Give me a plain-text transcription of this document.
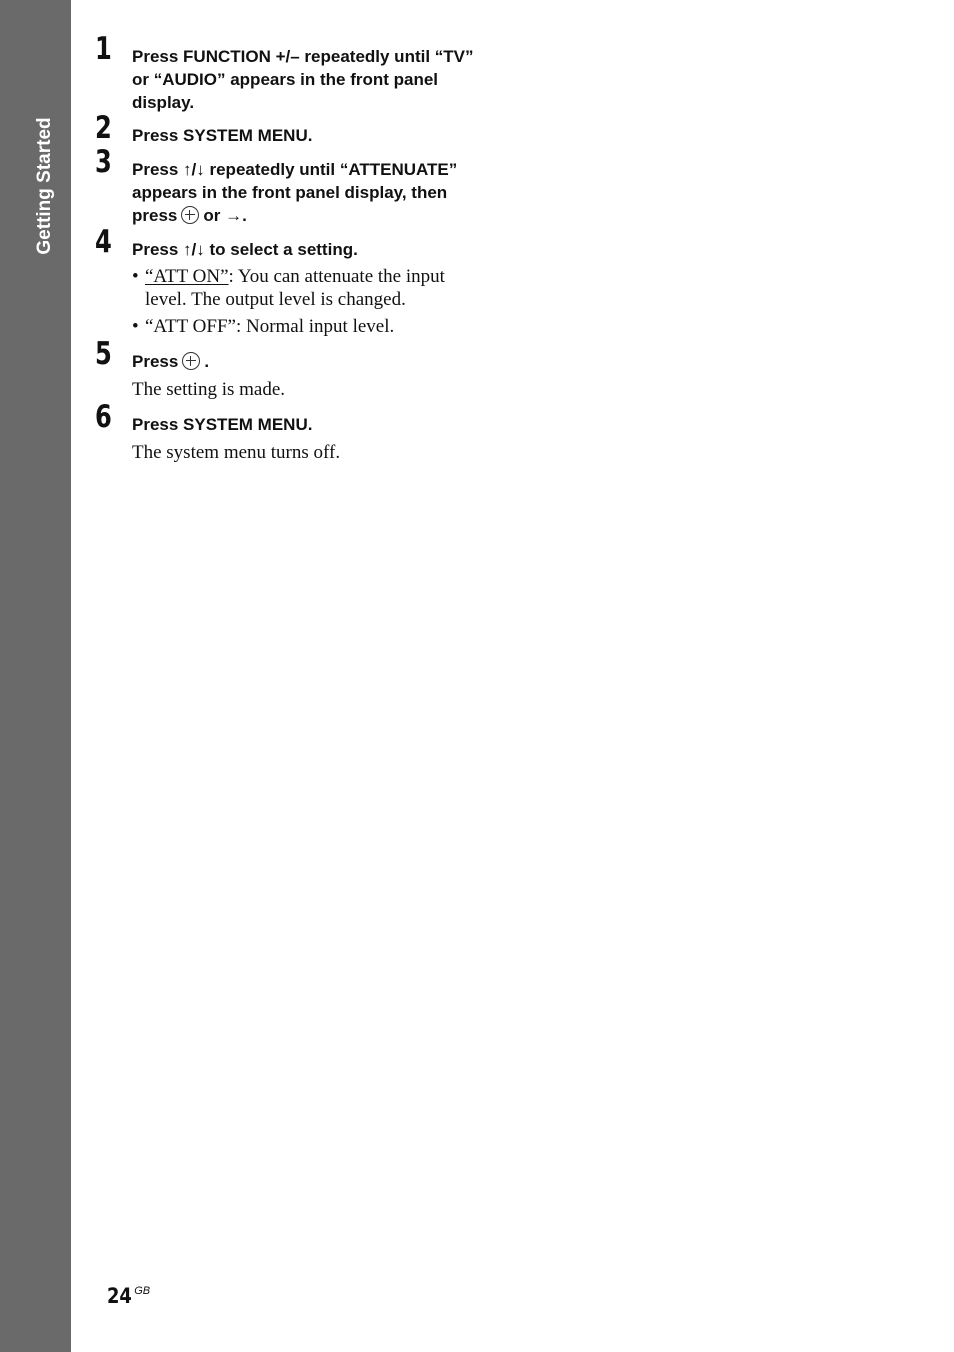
Getting Started
1 Press FUNCTION +/– repeatedly until “TV” or “AUDIO” appears in the front panel display.
2 Press SYSTEM MENU.
3 Press ↑/↓ repeatedly until “ATTENUATE” appears in the front panel display, then press or →.
4 Press ↑/↓ to select a setting.
• “ATT ON”: You can attenuate the input level. The output level is changed.
• “ATT OFF”: Normal input level.
5 Press .
The setting is made.
6 Press SYSTEM MENU.
The system menu turns off.
24 $^{GB}$
